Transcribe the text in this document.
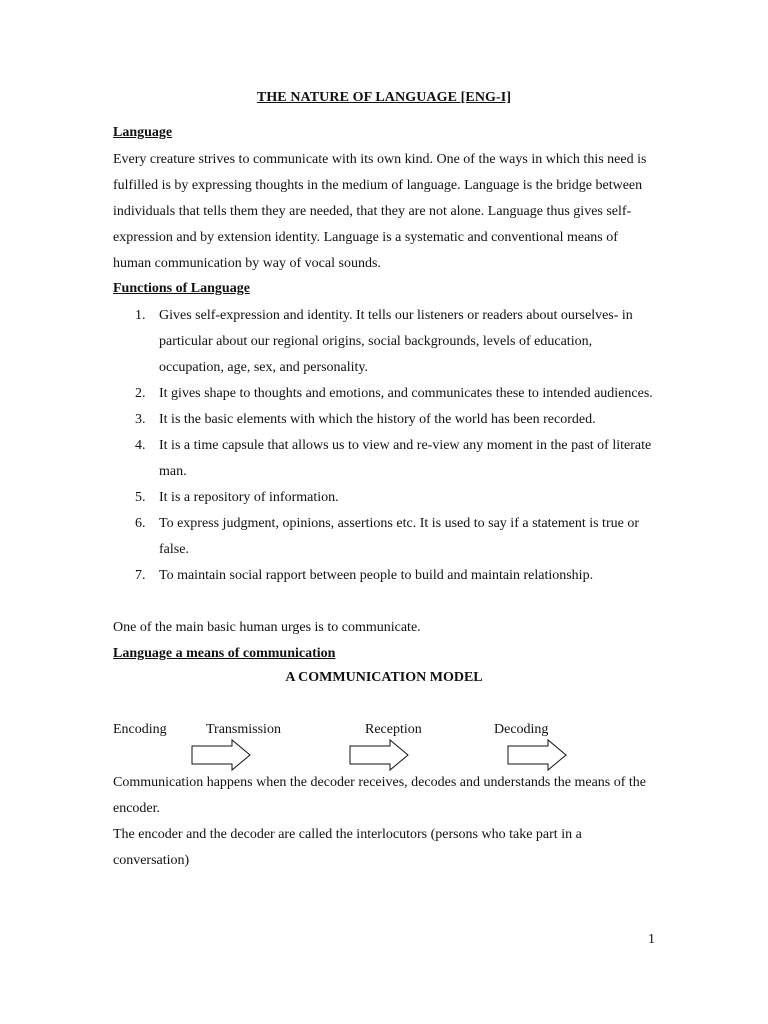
THE NATURE OF LANGUAGE [ENG-I]
Language

Every creature strives to communicate with its own kind. One of the ways in which this need is fulfilled is by expressing thoughts in the medium of language. Language is the bridge between individuals that tells them they are needed, that they are not alone. Language thus gives self-expression and by extension identity. Language is a systematic and conventional means of human communication by way of vocal sounds.

Functions of Language
1. Gives self-expression and identity. It tells our listeners or readers about ourselves- in particular about our regional origins, social backgrounds, levels of education, occupation, age, sex, and personality.
2. It gives shape to thoughts and emotions, and communicates these to intended audiences.
3. It is the basic elements with which the history of the world has been recorded.
4. It is a time capsule that allows us to view and re-view any moment in the past of literate man.
5. It is a repository of information.
6. To express judgment, opinions, assertions etc. It is used to say if a statement is true or false.
7. To maintain social rapport between people to build and maintain relationship.

One of the main basic human urges is to communicate.

Language a means of communication
A COMMUNICATION MODEL
Encoding	Transmission	Reception	Decoding

Communication happens when the decoder receives, decodes and understands the means of the encoder.

The encoder and the decoder are called the interlocutors (persons who take part in a conversation)

1
